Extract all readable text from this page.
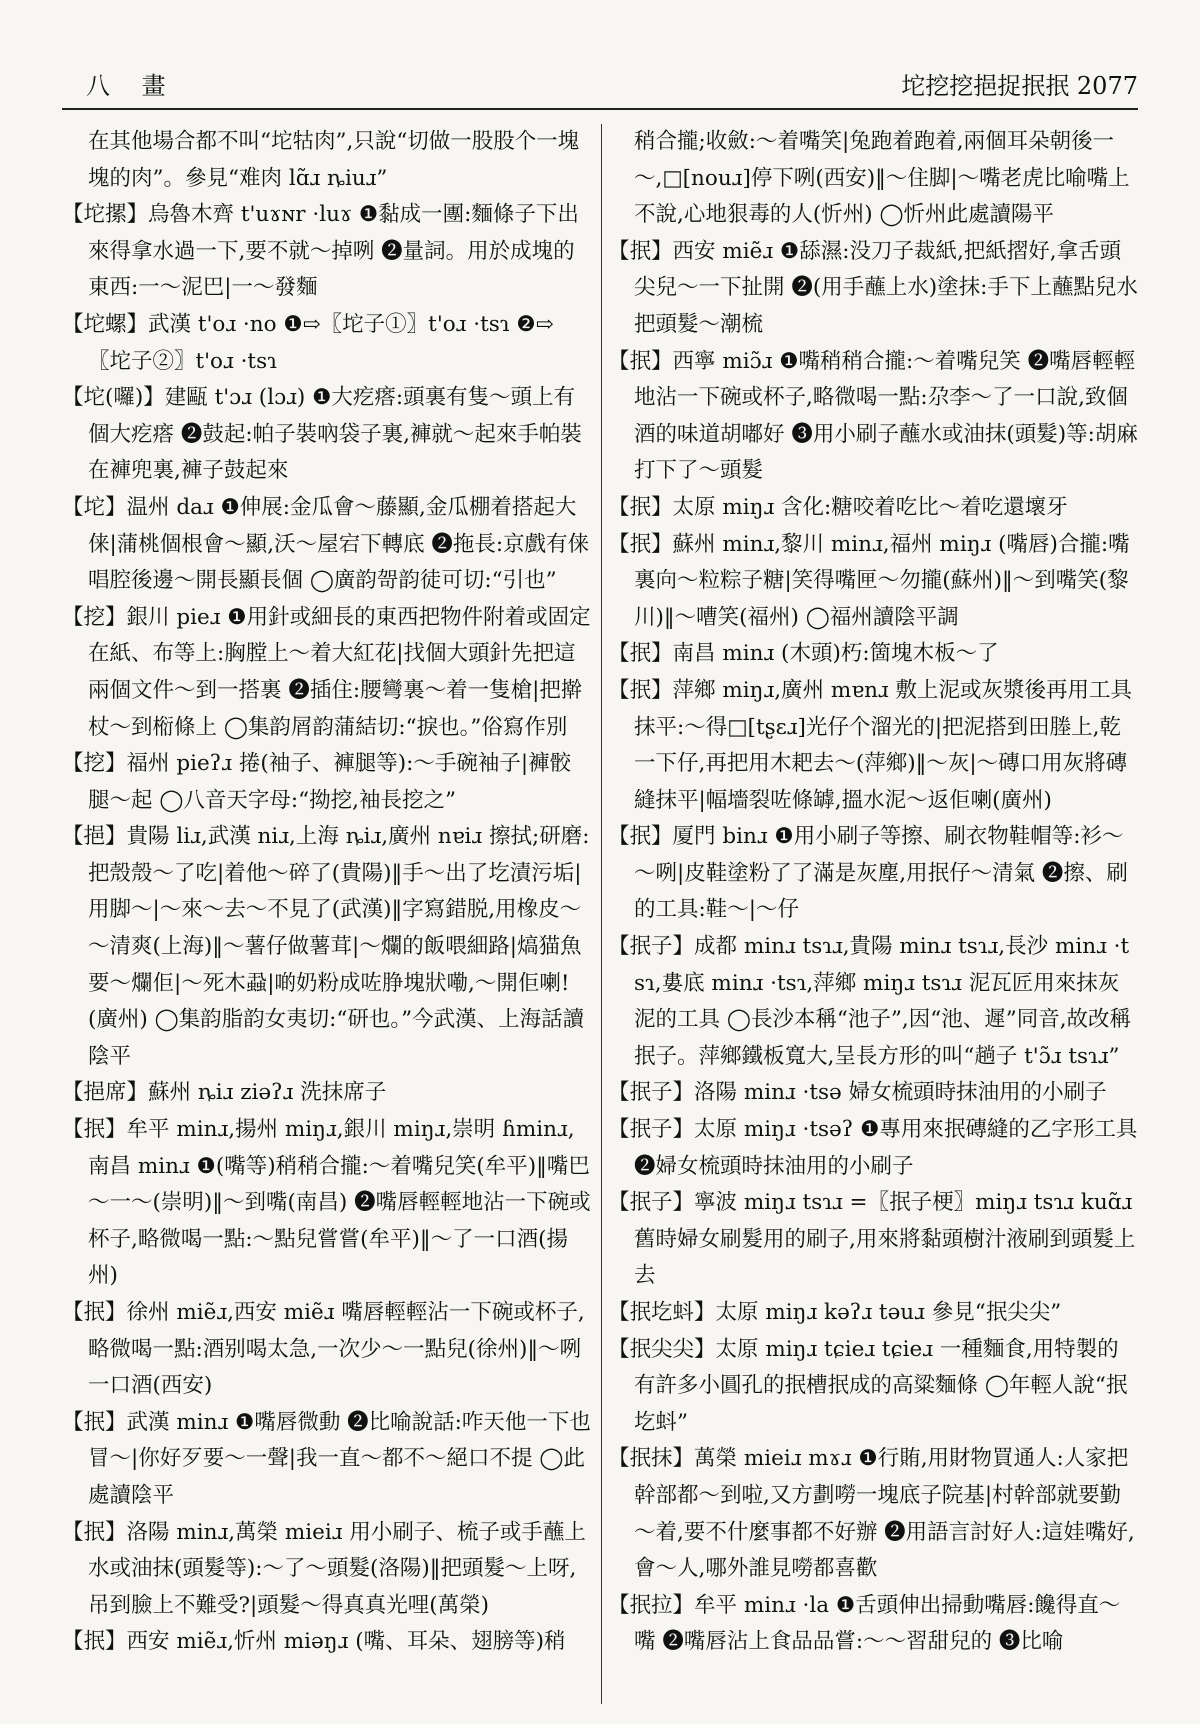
八 畫	坨挖挖挹捉抿抿 2077

在其他場合都不叫“坨牯肉”,只說“切做一股股个一塊塊的肉”。參見“难肉 lɑ̃ɹ ȵiuɹ”

【坨摞】烏魯木齊 t'uɤɴr ·luɤ ❶黏成一團:麵條子下出來得拿水過一下,要不就～掉咧 ❷量詞。用於成塊的東西:一～泥巴|一～發麵

【坨螺】武漢 t'oɹ ·no ❶⇨〖坨子①〗t'oɹ ·tsɿ ❷⇨〖坨子②〗t'oɹ ·tsɿ

【坨(囉)】建甌 t'ɔɹ (lɔɹ) ❶大疙瘩:頭裏有隻～頭上有個大疙瘩 ❷鼓起:帕子裝吶袋子裏,褲就～起來手帕裝在褲兜裏,褲子鼓起來

【坨】温州 daɹ ❶伸展:金瓜會～藤顯,金瓜棚着搭起大俫|蒲桃個根會～顯,沃～屋宕下轉底 ❷拖長:京戲有俫唱腔後邊～開長顯長個 ◯廣韵哿韵徒可切:“引也”

【挖】銀川 pieɹ ❶用針或細長的東西把物件附着或固定在紙、布等上:胸膛上～着大紅花|找個大頭針先把這兩個文件～到一搭裏 ❷插住:腰彎裏～着一隻槍|把擀杖～到椼條上 ◯集韵屑韵蒲結切:“捩也。”俗寫作別

【挖】福州 pieʔɹ 捲(袖子、褲腿等):～手碗袖子|褲骹腿～起 ◯八音天字母:“拗挖,袖長挖之”

【挹】貴陽 liɹ,武漢 niɹ,上海 ȵiɹ,廣州 nɐiɹ 擦拭;研磨:把殼殼～了吃|着他～碎了(貴陽)‖手～出了圪漬污垢|用脚～|～來～去～不見了(武漢)‖字寫錯脱,用橡皮～～清爽(上海)‖～薯仔做薯茸|～爛的飯喂細路|熇猫魚要～爛佢|～死木蝨|啲奶粉成咗㬹塊狀嘞,～開佢喇!(廣州) ◯集韵脂韵女夷切:“研也。”今武漢、上海話讀陰平

【挹席】蘇州 ȵiɹ ziəʔɹ 洗抹席子

【抿】牟平 minɹ,揚州 miŋɹ,銀川 miŋɹ,崇明 ɦminɹ,南昌 minɹ ❶(嘴等)稍稍合攏:～着嘴兒笑(牟平)‖嘴巴～一～(崇明)‖～到嘴(南昌) ❷嘴唇輕輕地沾一下碗或杯子,略微喝一點:～點兒嘗嘗(牟平)‖～了一口酒(揚州)

【抿】徐州 miẽɹ,西安 miẽɹ 嘴唇輕輕沾一下碗或杯子,略微喝一點:酒别喝太急,一次少～一點兒(徐州)‖～咧一口酒(西安)

【抿】武漢 minɹ ❶嘴唇微動 ❷比喻說話:咋天他一下也冒～|你好歹要～一聲|我一直～都不～絕口不提 ◯此處讀陰平

【抿】洛陽 minɹ,萬榮 mieiɹ 用小刷子、梳子或手蘸上水或油抹(頭髮等):～了～頭髮(洛陽)‖把頭髮～上呀,吊到臉上不難受?|頭髮～得真真光哩(萬榮)

【抿】西安 miẽɹ,忻州 miəŋɹ (嘴、耳朵、翅膀等)稍

稍合攏;收斂:～着嘴笑|兔跑着跑着,兩個耳朵朝後一～,□[nouɹ]停下咧(西安)‖～住脚|～嘴老虎比喻嘴上不說,心地狠毒的人(忻州) ◯忻州此處讀陽平

【抿】西安 miẽɹ ❶舔濕:没刀子裁紙,把紙摺好,拿舌頭尖兒～一下扯開 ❷(用手蘸上水)塗抹:手下上蘸點兒水把頭髮～潮梳

【抿】西寧 miɔ̃ɹ ❶嘴稍稍合攏:～着嘴兒笑 ❷嘴唇輕輕地沾一下碗或杯子,略微喝一點:尕李～了一口說,致個酒的味道胡嘟好 ❸用小刷子蘸水或油抹(頭髮)等:胡麻打下了～頭髮

【抿】太原 miŋɹ 含化:糖咬着吃比～着吃還壞牙

【抿】蘇州 minɹ,黎川 minɹ,福州 miŋɹ (嘴唇)合攏:嘴裏向～粒粽子糖|笑得嘴匣～勿攏(蘇州)‖～到嘴笑(黎川)‖～嘈笑(福州) ◯福州讀陰平調

【抿】南昌 minɹ (木頭)朽:箇塊木板～了

【抿】萍鄉 miŋɹ,廣州 mɐnɹ 敷上泥或灰漿後再用工具抹平:～得□[tʂɛɹ]光仔个溜光的|把泥搭到田塍上,乾一下仔,再把用木耙去～(萍鄉)‖～灰|～磚口用灰將磚縫抹平|幅墻裂咗條罅,搵水泥～返佢喇(廣州)

【抿】厦門 binɹ ❶用小刷子等擦、刷衣物鞋帽等:衫～～咧|皮鞋塗粉了了滿是灰塵,用抿仔～清氣 ❷擦、刷的工具:鞋～|～仔

【抿子】成都 minɹ tsɿɹ,貴陽 minɹ tsɿɹ,長沙 minɹ ·tsɿ,婁底 minɹ ·tsɿ,萍鄉 miŋɹ tsɿɹ 泥瓦匠用來抹灰泥的工具 ◯長沙本稱“池子”,因“池、遲”同音,故改稱抿子。萍鄉鐵板寬大,呈長方形的叫“趟子 t'ɔ̃ɹ tsɿɹ”

【抿子】洛陽 minɹ ·tsə 婦女梳頭時抹油用的小刷子

【抿子】太原 miŋɹ ·tsəʔ ❶專用來抿磚縫的乙字形工具 ❷婦女梳頭時抹油用的小刷子

【抿子】寧波 miŋɹ tsɿɹ =〖抿子梗〗miŋɹ tsɿɹ kuɑ̃ɹ 舊時婦女刷髮用的刷子,用來將黏頭樹汁液刷到頭髮上去

【抿圪蚪】太原 miŋɹ kəʔɹ təuɹ 參見“抿尖尖”

【抿尖尖】太原 miŋɹ tɕieɹ tɕieɹ 一種麵食,用特製的有許多小圓孔的抿槽抿成的高粱麵條 ◯年輕人說“抿圪蚪”

【抿抹】萬榮 mieiɹ mɤɹ ❶行賄,用財物買通人:人家把幹部都～到啦,又方劃嘮一塊底子院基|村幹部就要勤～着,要不什麼事都不好辦 ❷用語言討好人:這娃嘴好,會～人,哪外誰見嘮都喜歡

【抿拉】牟平 minɹ ·la ❶舌頭伸出掃動嘴唇:饞得直～嘴 ❷嘴唇沾上食品品嘗:～～習甜兒的 ❸比喻
